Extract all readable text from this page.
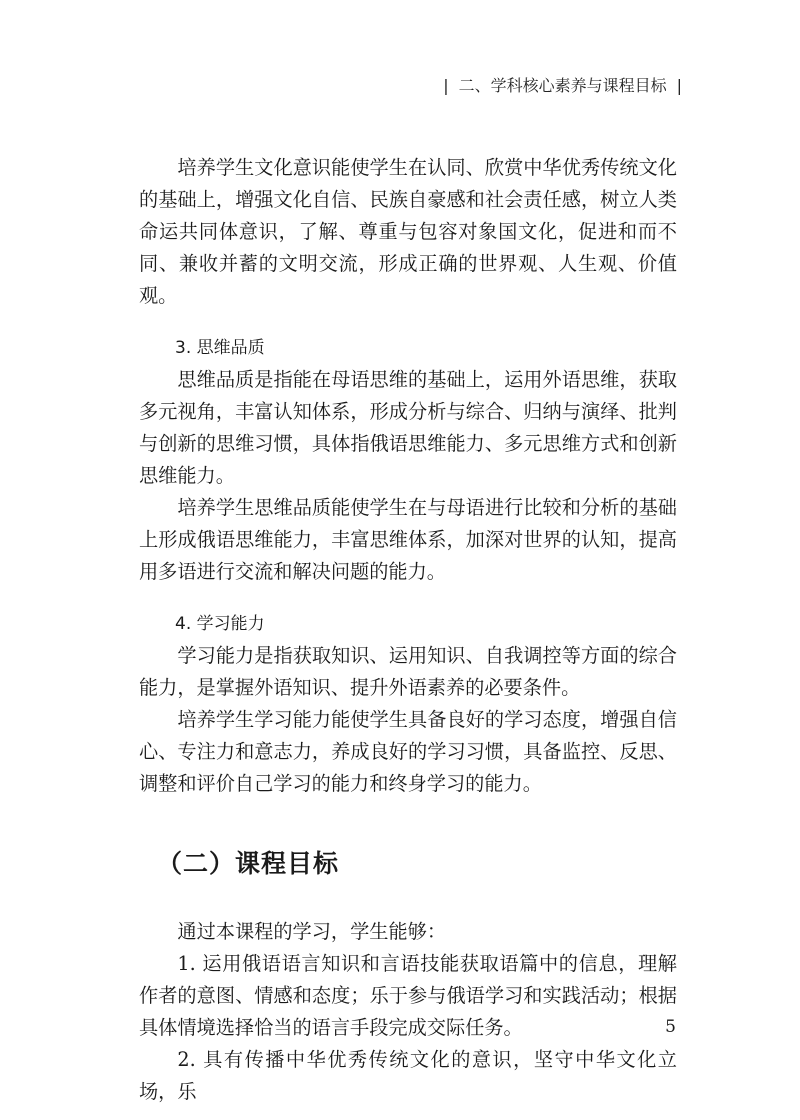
| 二、学科核心素养与课程目标 |

培养学生文化意识能使学生在认同、欣赏中华优秀传统文化的基础上，增强文化自信、民族自豪感和社会责任感，树立人类命运共同体意识，了解、尊重与包容对象国文化，促进和而不同、兼收并蓄的文明交流，形成正确的世界观、人生观、价值观。

3. 思维品质

思维品质是指能在母语思维的基础上，运用外语思维，获取多元视角，丰富认知体系，形成分析与综合、归纳与演绎、批判与创新的思维习惯，具体指俄语思维能力、多元思维方式和创新思维能力。

培养学生思维品质能使学生在与母语进行比较和分析的基础上形成俄语思维能力，丰富思维体系，加深对世界的认知，提高用多语进行交流和解决问题的能力。

4. 学习能力

学习能力是指获取知识、运用知识、自我调控等方面的综合能力，是掌握外语知识、提升外语素养的必要条件。

培养学生学习能力能使学生具备良好的学习态度，增强自信心、专注力和意志力，养成良好的学习习惯，具备监控、反思、调整和评价自己学习的能力和终身学习的能力。

（二）课程目标

通过本课程的学习，学生能够：

1. 运用俄语语言知识和言语技能获取语篇中的信息，理解作者的意图、情感和态度；乐于参与俄语学习和实践活动；根据具体情境选择恰当的语言手段完成交际任务。

2. 具有传播中华优秀传统文化的意识，坚守中华文化立场，乐

5
